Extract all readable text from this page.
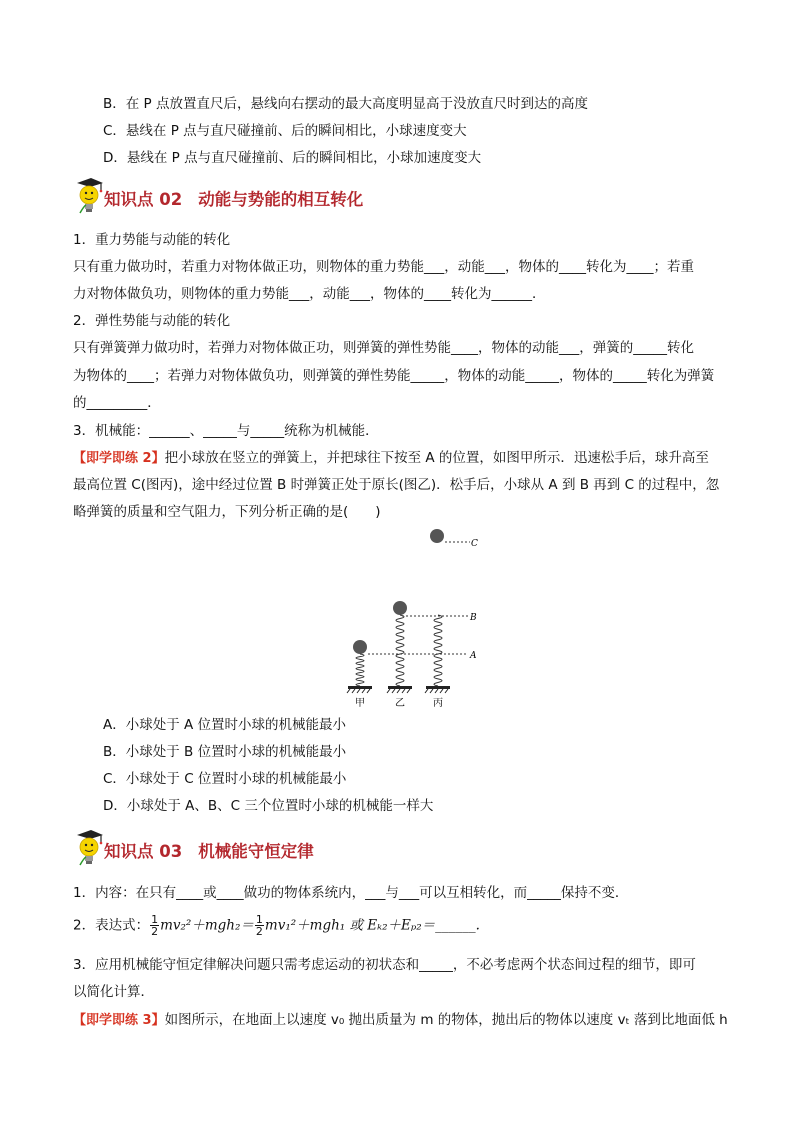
B．在 P 点放置直尺后，悬线向右摆动的最大高度明显高于没放直尺时到达的高度
C．悬线在 P 点与直尺碰撞前、后的瞬间相比，小球速度变大
D．悬线在 P 点与直尺碰撞前、后的瞬间相比，小球加速度变大
知识点 02 动能与势能的相互转化
1．重力势能与动能的转化
只有重力做功时，若重力对物体做正功，则物体的重力势能___，动能___，物体的____转化为____；若重
力对物体做负功，则物体的重力势能___，动能___，物体的____转化为______．
2．弹性势能与动能的转化
只有弹簧弹力做功时，若弹力对物体做正功，则弹簧的弹性势能____，物体的动能___，弹簧的_____转化
为物体的____；若弹力对物体做负功，则弹簧的弹性势能_____，物体的动能_____，物体的_____转化为弹簧
的_________．
3．机械能：______、_____与_____统称为机械能．
【即学即练 2】把小球放在竖立的弹簧上，并把球往下按至 A 的位置，如图甲所示．迅速松手后，球升高至
最高位置 C(图丙)，途中经过位置 B 时弹簧正处于原长(图乙)．松手后，小球从 A 到 B 再到 C 的过程中，忽
略弹簧的质量和空气阻力，下列分析正确的是(　　)
C
B
A
甲	乙	丙
A．小球处于 A 位置时小球的机械能最小
B．小球处于 B 位置时小球的机械能最小
C．小球处于 C 位置时小球的机械能最小
D．小球处于 A、B、C 三个位置时小球的机械能一样大
知识点 03 机械能守恒定律
1．内容：在只有____或____做功的物体系统内，___与___可以互相转化，而_____保持不变．
2．表达式： $\frac{1}{2} mv_2^2+mgh_2= \frac{1}{2} mv_1^2+mgh_1$ 或 Eₖ₂＋Eₚ₂＝______.
3．应用机械能守恒定律解决问题只需考虑运动的初状态和_____，不必考虑两个状态间过程的细节，即可
以简化计算．
【即学即练 3】如图所示，在地面上以速度 v₀ 抛出质量为 m 的物体，抛出后的物体以速度 vₜ 落到比地面低 h
